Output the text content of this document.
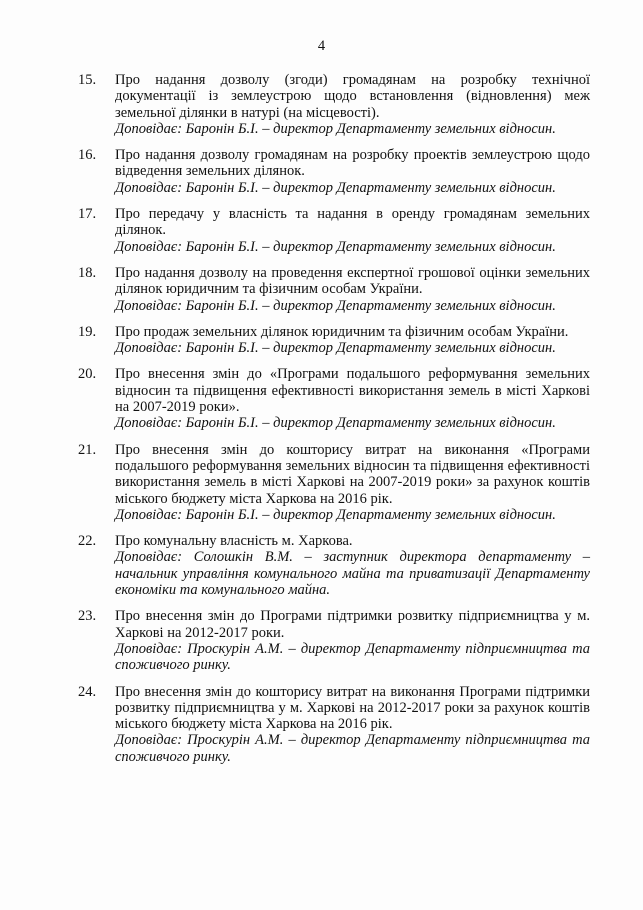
4
15.	Про надання дозволу (згоди) громадянам на розробку технічної документації із землеустрою щодо встановлення (відновлення) меж земельної ділянки в натурі (на місцевості).
Доповідає: Баронін Б.І. – директор Департаменту земельних відносин.
16.	Про надання дозволу громадянам на розробку проектів землеустрою щодо відведення земельних ділянок.
Доповідає: Баронін Б.І. – директор Департаменту земельних відносин.
17.	Про передачу у власність та надання в оренду громадянам земельних ділянок.
Доповідає: Баронін Б.І. – директор Департаменту земельних відносин.
18.	Про надання дозволу на проведення експертної грошової оцінки земельних ділянок юридичним та фізичним особам України.
Доповідає: Баронін Б.І. – директор Департаменту земельних відносин.
19.	Про продаж земельних ділянок юридичним та фізичним особам України.
Доповідає: Баронін Б.І. – директор Департаменту земельних відносин.
20.	Про внесення змін до «Програми подальшого реформування земельних відносин та підвищення ефективності використання земель в місті Харкові на 2007-2019 роки».
Доповідає: Баронін Б.І. – директор Департаменту земельних відносин.
21.	Про внесення змін до кошторису витрат на виконання «Програми подальшого реформування земельних відносин та підвищення ефективності використання земель в місті Харкові на 2007-2019 роки» за рахунок коштів міського бюджету міста Харкова на 2016 рік.
Доповідає: Баронін Б.І. – директор Департаменту земельних відносин.
22.	Про комунальну власність м. Харкова.
Доповідає: Солошкін В.М. – заступник директора департаменту – начальник управління комунального майна та приватизації Департаменту економіки та комунального майна.
23.	Про внесення змін до Програми підтримки розвитку підприємництва у м. Харкові на 2012-2017 роки.
Доповідає: Проскурін А.М. – директор Департаменту підприємництва та споживчого ринку.
24.	Про внесення змін до кошторису витрат на виконання Програми підтримки розвитку підприємництва у м. Харкові на 2012-2017 роки за рахунок коштів міського бюджету міста Харкова на 2016 рік.
Доповідає: Проскурін А.М. – директор Департаменту підприємництва та споживчого ринку.
